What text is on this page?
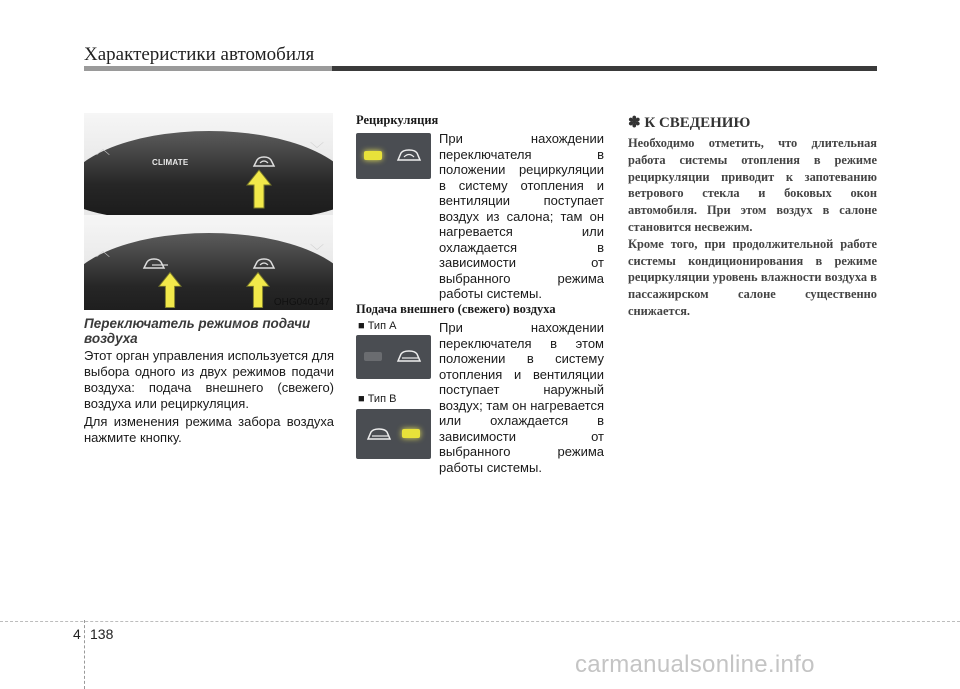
Характеристики автомобиля
︿
CLIMATE
﹀
︿	﹀
OHG040147
Переключатель режимов подачи воздуха
Этот орган управления используется для выбора одного из двух режимов подачи воздуха: подача внешнего (свежего) воздуха или рециркуляция.
Для изменения режима забора воздуха нажмите кнопку.
Рециркуляция
При нахождении переключателя в положении рециркуляции в систему отопления и вентиляции поступает воздух из салона; там он нагревается или охлаждается в зависимости от выбранного режима работы системы.
Подача внешнего (свежего) воздуха
■ Тип A
■ Тип B
При нахождении переключателя в этом положении в систему отопления и вентиляции поступает наружный воздух; там он нагревается или охлаждается в зависимости от выбранного режима работы системы.
✽ К СВЕДЕНИЮ

Необходимо отметить, что длительная работа системы отопления в режиме рециркуляции приводит к запотеванию ветрового стекла и боковых окон автомобиля. При этом воздух в салоне становится несвежим.

Кроме того, при продолжительной работе системы кондиционирования в режиме рециркуляции уровень влажности воздуха в пассажирском салоне существенно снижается.

4 138
carmanualsonline.info
